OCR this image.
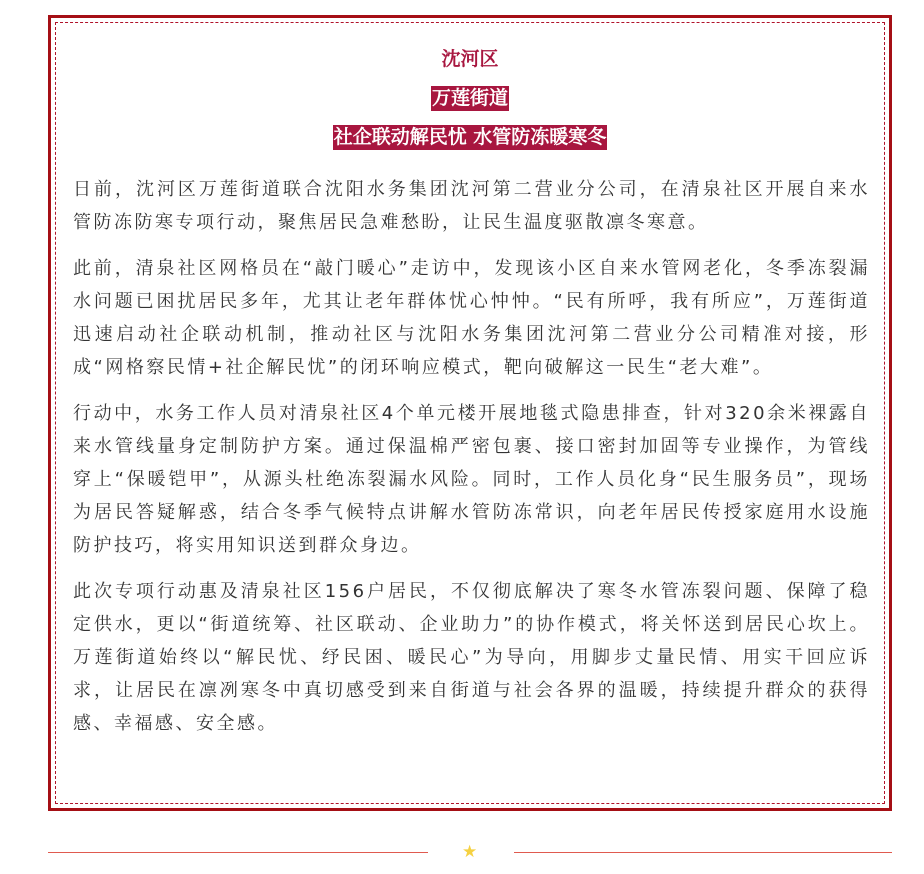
沈河区
万莲街道
社企联动解民忧 水管防冻暖寒冬

日前，沈河区万莲街道联合沈阳水务集团沈河第二营业分公司，在清泉社区开展自来水管防冻防寒专项行动，聚焦居民急难愁盼，让民生温度驱散凛冬寒意。

此前，清泉社区网格员在“敲门暖心”走访中，发现该小区自来水管网老化，冬季冻裂漏水问题已困扰居民多年，尤其让老年群体忧心忡忡。“民有所呼，我有所应”，万莲街道迅速启动社企联动机制，推动社区与沈阳水务集团沈河第二营业分公司精准对接，形成“网格察民情+社企解民忧”的闭环响应模式，靶向破解这一民生“老大难”。

行动中，水务工作人员对清泉社区4个单元楼开展地毯式隐患排查，针对320余米裸露自来水管线量身定制防护方案。通过保温棉严密包裹、接口密封加固等专业操作，为管线穿上“保暖铠甲”，从源头杜绝冻裂漏水风险。同时，工作人员化身“民生服务员”，现场为居民答疑解惑，结合冬季气候特点讲解水管防冻常识，向老年居民传授家庭用水设施防护技巧，将实用知识送到群众身边。

此次专项行动惠及清泉社区156户居民，不仅彻底解决了寒冬水管冻裂问题、保障了稳定供水，更以“街道统筹、社区联动、企业助力”的协作模式，将关怀送到居民心坎上。万莲街道始终以“解民忧、纾民困、暖民心”为导向，用脚步丈量民情、用实干回应诉求，让居民在凛冽寒冬中真切感受到来自街道与社会各界的温暖，持续提升群众的获得感、幸福感、安全感。

★
